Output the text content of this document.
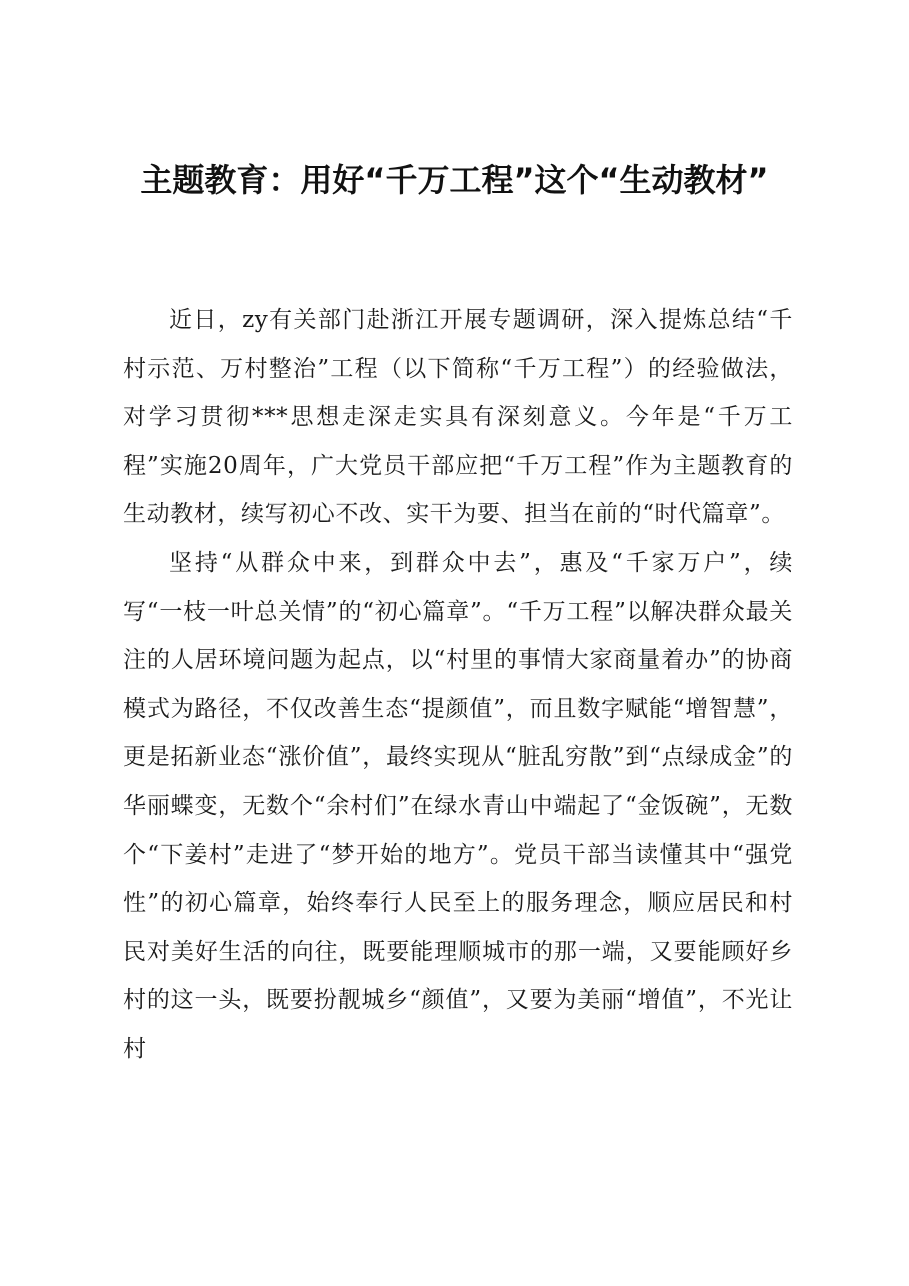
主题教育：用好“千万工程”这个“生动教材”

近日，zy有关部门赴浙江开展专题调研，深入提炼总结“千村示范、万村整治”工程（以下简称“千万工程”）的经验做法，对学习贯彻***思想走深走实具有深刻意义。今年是“千万工程”实施20周年，广大党员干部应把“千万工程”作为主题教育的生动教材，续写初心不改、实干为要、担当在前的“时代篇章”。

坚持“从群众中来，到群众中去”，惠及“千家万户”，续写“一枝一叶总关情”的“初心篇章”。“千万工程”以解决群众最关注的人居环境问题为起点，以“村里的事情大家商量着办”的协商模式为路径，不仅改善生态“提颜值”，而且数字赋能“增智慧”，更是拓新业态“涨价值”，最终实现从“脏乱穷散”到“点绿成金”的华丽蝶变，无数个“余村们”在绿水青山中端起了“金饭碗”，无数个“下姜村”走进了“梦开始的地方”。党员干部当读懂其中“强党性”的初心篇章，始终奉行人民至上的服务理念，顺应居民和村民对美好生活的向往，既要能理顺城市的那一端，又要能顾好乡村的这一头，既要扮靓城乡“颜值”，又要为美丽“增值”，不光让村
